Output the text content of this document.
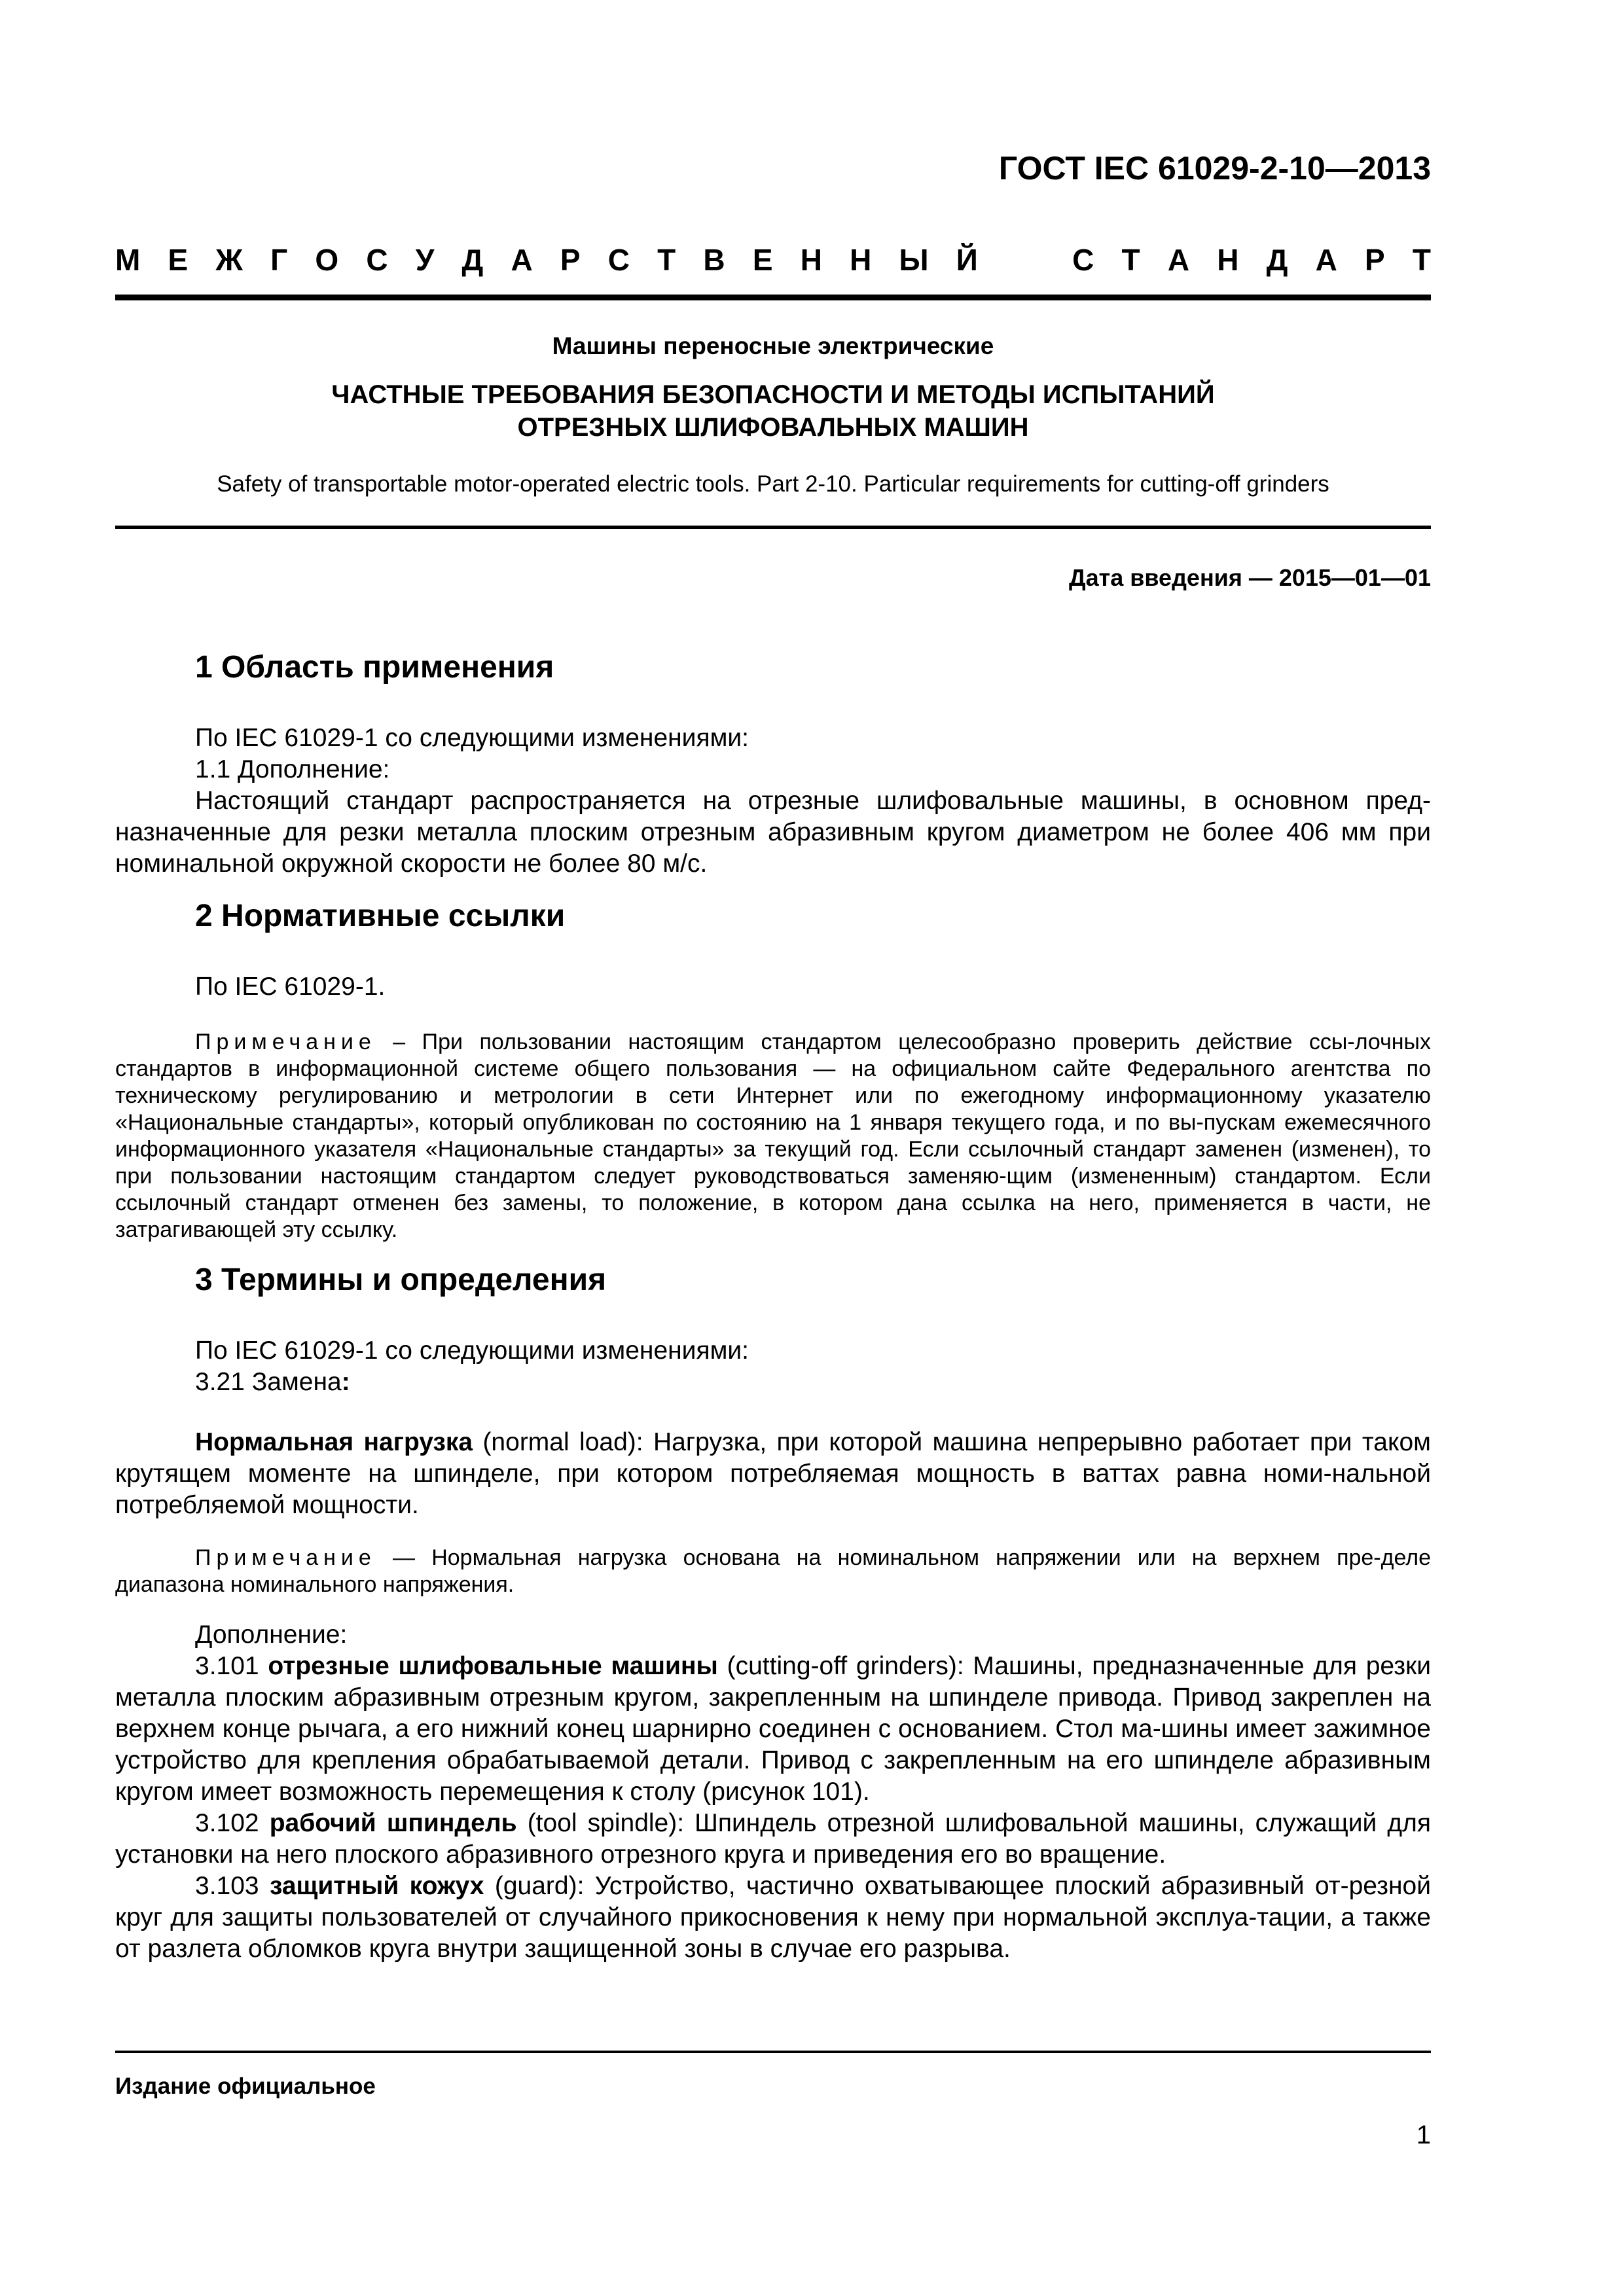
ГОСТ IEC 61029-2-10—2013
М Е Ж Г О С У Д А Р С Т В Е Н Н Ы Й	С Т А Н Д А Р Т
Машины переносные электрические
ЧАСТНЫЕ ТРЕБОВАНИЯ БЕЗОПАСНОСТИ И МЕТОДЫ ИСПЫТАНИЙ
ОТРЕЗНЫХ ШЛИФОВАЛЬНЫХ МАШИН
Safety of transportable motor-operated electric tools. Part 2-10. Particular requirements for cutting-off grinders
Дата введения — 2015—01—01
1 Область применения

По IEC 61029-1 со следующими изменениями:

1.1 Дополнение:

Настоящий стандарт распространяется на отрезные шлифовальные машины, в основном пред-назначенные для резки металла плоским отрезным абразивным кругом диаметром не более 406 мм при номинальной окружной скорости не более 80 м/с.

2 Нормативные ссылки

По IEC 61029-1.

Примечание – При пользовании настоящим стандартом целесообразно проверить действие ссы-лочных стандартов в информационной системе общего пользования — на официальном сайте Федерального агентства по техническому регулированию и метрологии в сети Интернет или по ежегодному информационному указателю «Национальные стандарты», который опубликован по состоянию на 1 января текущего года, и по вы-пускам ежемесячного информационного указателя «Национальные стандарты» за текущий год. Если ссылочный стандарт заменен (изменен), то при пользовании настоящим стандартом следует руководствоваться заменяю-щим (измененным) стандартом. Если ссылочный стандарт отменен без замены, то положение, в котором дана ссылка на него, применяется в части, не затрагивающей эту ссылку.

3 Термины и определения

По IEC 61029-1 со следующими изменениями:

3.21 Замена:

Нормальная нагрузка (normal load): Нагрузка, при которой машина непрерывно работает при таком крутящем моменте на шпинделе, при котором потребляемая мощность в ваттах равна номи-нальной потребляемой мощности.

Примечание — Нормальная нагрузка основана на номинальном напряжении или на верхнем пре-деле диапазона номинального напряжения.

Дополнение:

3.101 отрезные шлифовальные машины (cutting-off grinders): Машины, предназначенные для резки металла плоским абразивным отрезным кругом, закрепленным на шпинделе привода. Привод закреплен на верхнем конце рычага, а его нижний конец шарнирно соединен с основанием. Стол ма-шины имеет зажимное устройство для крепления обрабатываемой детали. Привод с закрепленным на его шпинделе абразивным кругом имеет возможность перемещения к столу (рисунок 101).

3.102 рабочий шпиндель (tool spindle): Шпиндель отрезной шлифовальной машины, служащий для установки на него плоского абразивного отрезного круга и приведения его во вращение.

3.103 защитный кожух (guard): Устройство, частично охватывающее плоский абразивный от-резной круг для защиты пользователей от случайного прикосновения к нему при нормальной эксплуа-тации, а также от разлета обломков круга внутри защищенной зоны в случае его разрыва.

Издание официальное
1
